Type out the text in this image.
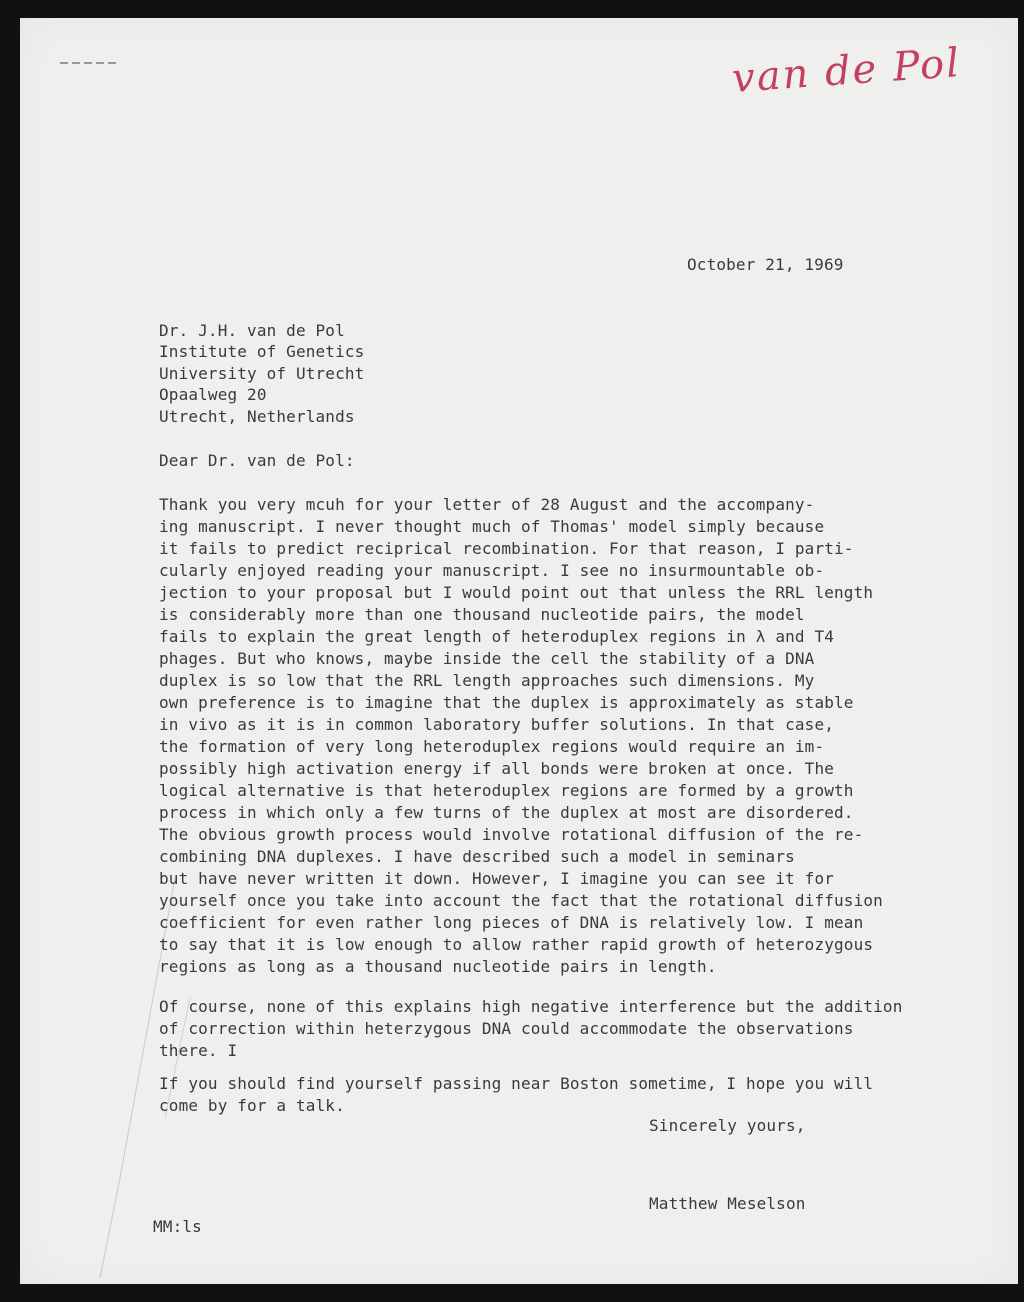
van de Pol
October 21, 1969
Dr. J.H. van de Pol
Institute of Genetics
University of Utrecht
Opaalweg 20
Utrecht, Netherlands
Dear Dr. van de Pol:
Thank you very mcuh for your letter of 28 August and the accompany-
ing manuscript. I never thought much of Thomas' model simply because
it fails to predict reciprical recombination. For that reason, I parti-
cularly enjoyed reading your manuscript. I see no insurmountable ob-
jection to your proposal but I would point out that unless the RRL length
is considerably more than one thousand nucleotide pairs, the model
fails to explain the great length of heteroduplex regions in λ and T4
phages. But who knows, maybe inside the cell the stability of a DNA
duplex is so low that the RRL length approaches such dimensions. My
own preference is to imagine that the duplex is approximately as stable
in vivo as it is in common laboratory buffer solutions. In that case,
the formation of very long heteroduplex regions would require an im-
possibly high activation energy if all bonds were broken at once. The
logical alternative is that heteroduplex regions are formed by a growth
process in which only a few turns of the duplex at most are disordered.
The obvious growth process would involve rotational diffusion of the re-
combining DNA duplexes. I have described such a model in seminars
but have never written it down. However, I imagine you can see it for
yourself once you take into account the fact that the rotational diffusion
coefficient for even rather long pieces of DNA is relatively low. I mean
to say that it is low enough to allow rather rapid growth of heterozygous
regions as long as a thousand nucleotide pairs in length.
Of course, none of this explains high negative interference but the addition
of correction within heterzygous DNA could accommodate the observations
there. I
If you should find yourself passing near Boston sometime, I hope you will
come by for a talk.
Sincerely yours,
Matthew Meselson
MM:ls
